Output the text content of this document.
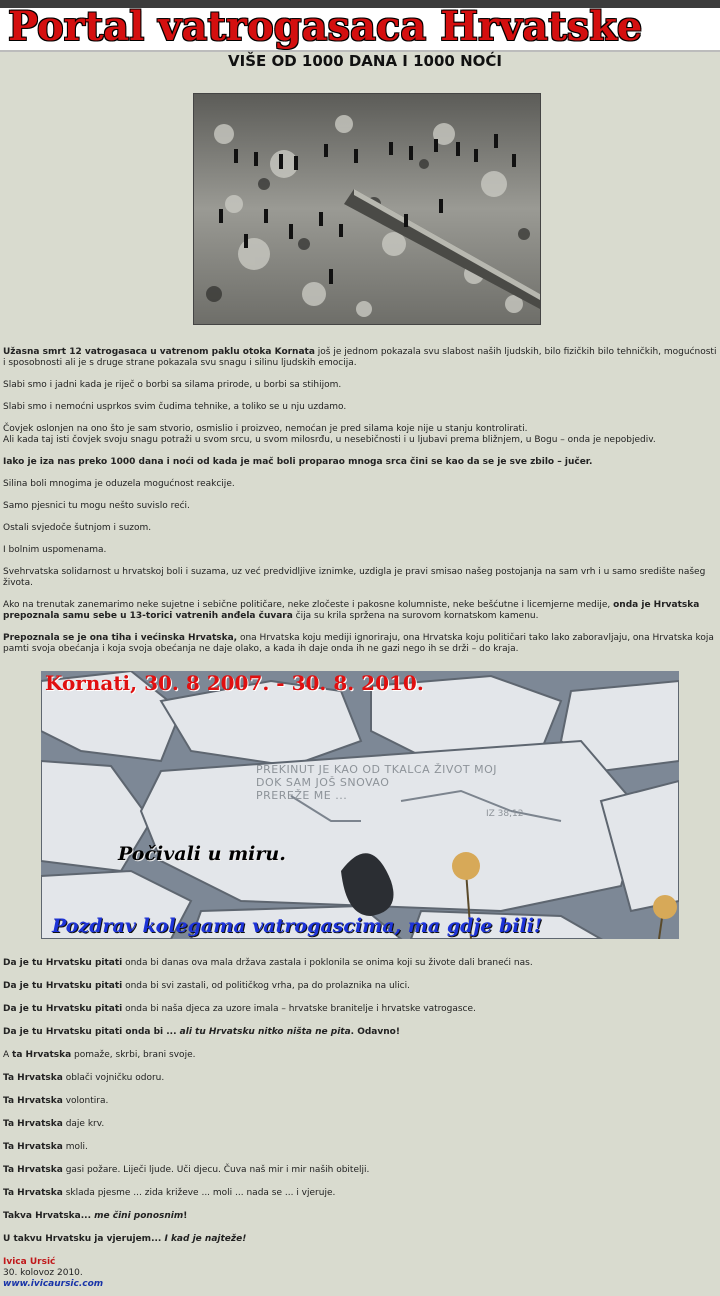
Portal vatrogasaca Hrvatske
VIŠE OD 1000 DANA I 1000 NOĆI

Užasna smrt 12 vatrogasaca u vatrenom paklu otoka Kornata još je jednom pokazala svu slabost naših ljudskih, bilo fizičkih bilo tehničkih, mogućnosti i sposobnosti ali je s druge strane pokazala svu snagu i silinu ljudskih emocija.

Slabi smo i jadni kada je riječ o borbi sa silama prirode, u borbi sa stihijom.

Slabi smo i nemoćni usprkos svim čudima tehnike, a toliko se u nju uzdamo.

Čovjek oslonjen na ono što je sam stvorio, osmislio i proizveo, nemoćan je pred silama koje nije u stanju kontrolirati.

Ali kada taj isti čovjek svoju snagu potraži u svom srcu, u svom milosrđu, u nesebičnosti i u ljubavi prema bližnjem, u Bogu – onda je nepobjediv.

Iako je iza nas preko 1000 dana i noći od kada je mač boli proparao mnoga srca čini se kao da se je sve zbilo – jučer.

Silina boli mnogima je oduzela mogućnost reakcije.

Samo pjesnici tu mogu nešto suvislo reći.

Ostali svjedoče šutnjom i suzom.

I bolnim uspomenama.

Svehrvatska solidarnost u hrvatskoj boli i suzama, uz već predvidljive iznimke, uzdigla je pravi smisao našeg postojanja na sam vrh i u samo središte našeg života.

Ako na trenutak zanemarimo neke sujetne i sebične političare, neke zločeste i pakosne kolumniste, neke bešćutne i licemjerne medije, onda je Hrvatska prepoznala samu sebe u 13-torici vatrenih anđela čuvara čija su krila sprženа na surovom kornatskom kamenu.

Prepoznala se je ona tiha i većinska Hrvatska, ona Hrvatska koju mediji ignoriraju, ona Hrvatska koju političari tako lako zaboravljaju, ona Hrvatska koja pamti svoja obećanja i koja svoja obećanja ne daje olako, a kada ih daje onda ih ne gazi nego ih se drži – do kraja.

PREKINUT JE KAO OD TKALCA ŽIVOT MOJ
DOK SAM JOŠ SNOVAO
PREREŽE ME ...
IZ 38,12
Kornati, 30. 8 2007. - 30. 8. 2010.
Počivali u miru.
Pozdrav kolegama vatrogascima, ma gdje bili!

Da je tu Hrvatsku pitati onda bi danas ova mala država zastala i poklonila se onima koji su živote dali braneći nas.

Da je tu Hrvatsku pitati onda bi svi zastali, od političkog vrha, pa do prolaznika na ulici.

Da je tu Hrvatsku pitati onda bi naša djeca za uzore imala – hrvatske branitelje i hrvatske vatrogasce.

Da je tu Hrvatsku pitati onda bi ... ali tu Hrvatsku nitko ništa ne pita. Odavno!

A ta Hrvatska pomaže, skrbi, brani svoje.

Ta Hrvatska oblači vojničku odoru.

Ta Hrvatska volontira.

Ta Hrvatska daje krv.

Ta Hrvatska moli.

Ta Hrvatska gasi požare. Liječi ljude. Uči djecu. Čuva naš mir i mir naših obitelji.

Ta Hrvatska sklada pjesme ... zida križeve ... moli ... nada se ... i vjeruje.

Takva Hrvatska... me čini ponosnim!

U takvu Hrvatsku ja vjerujem... I kad je najteže!

Ivica Ursić

30. kolovoz 2010.

www.ivicaursic.com
